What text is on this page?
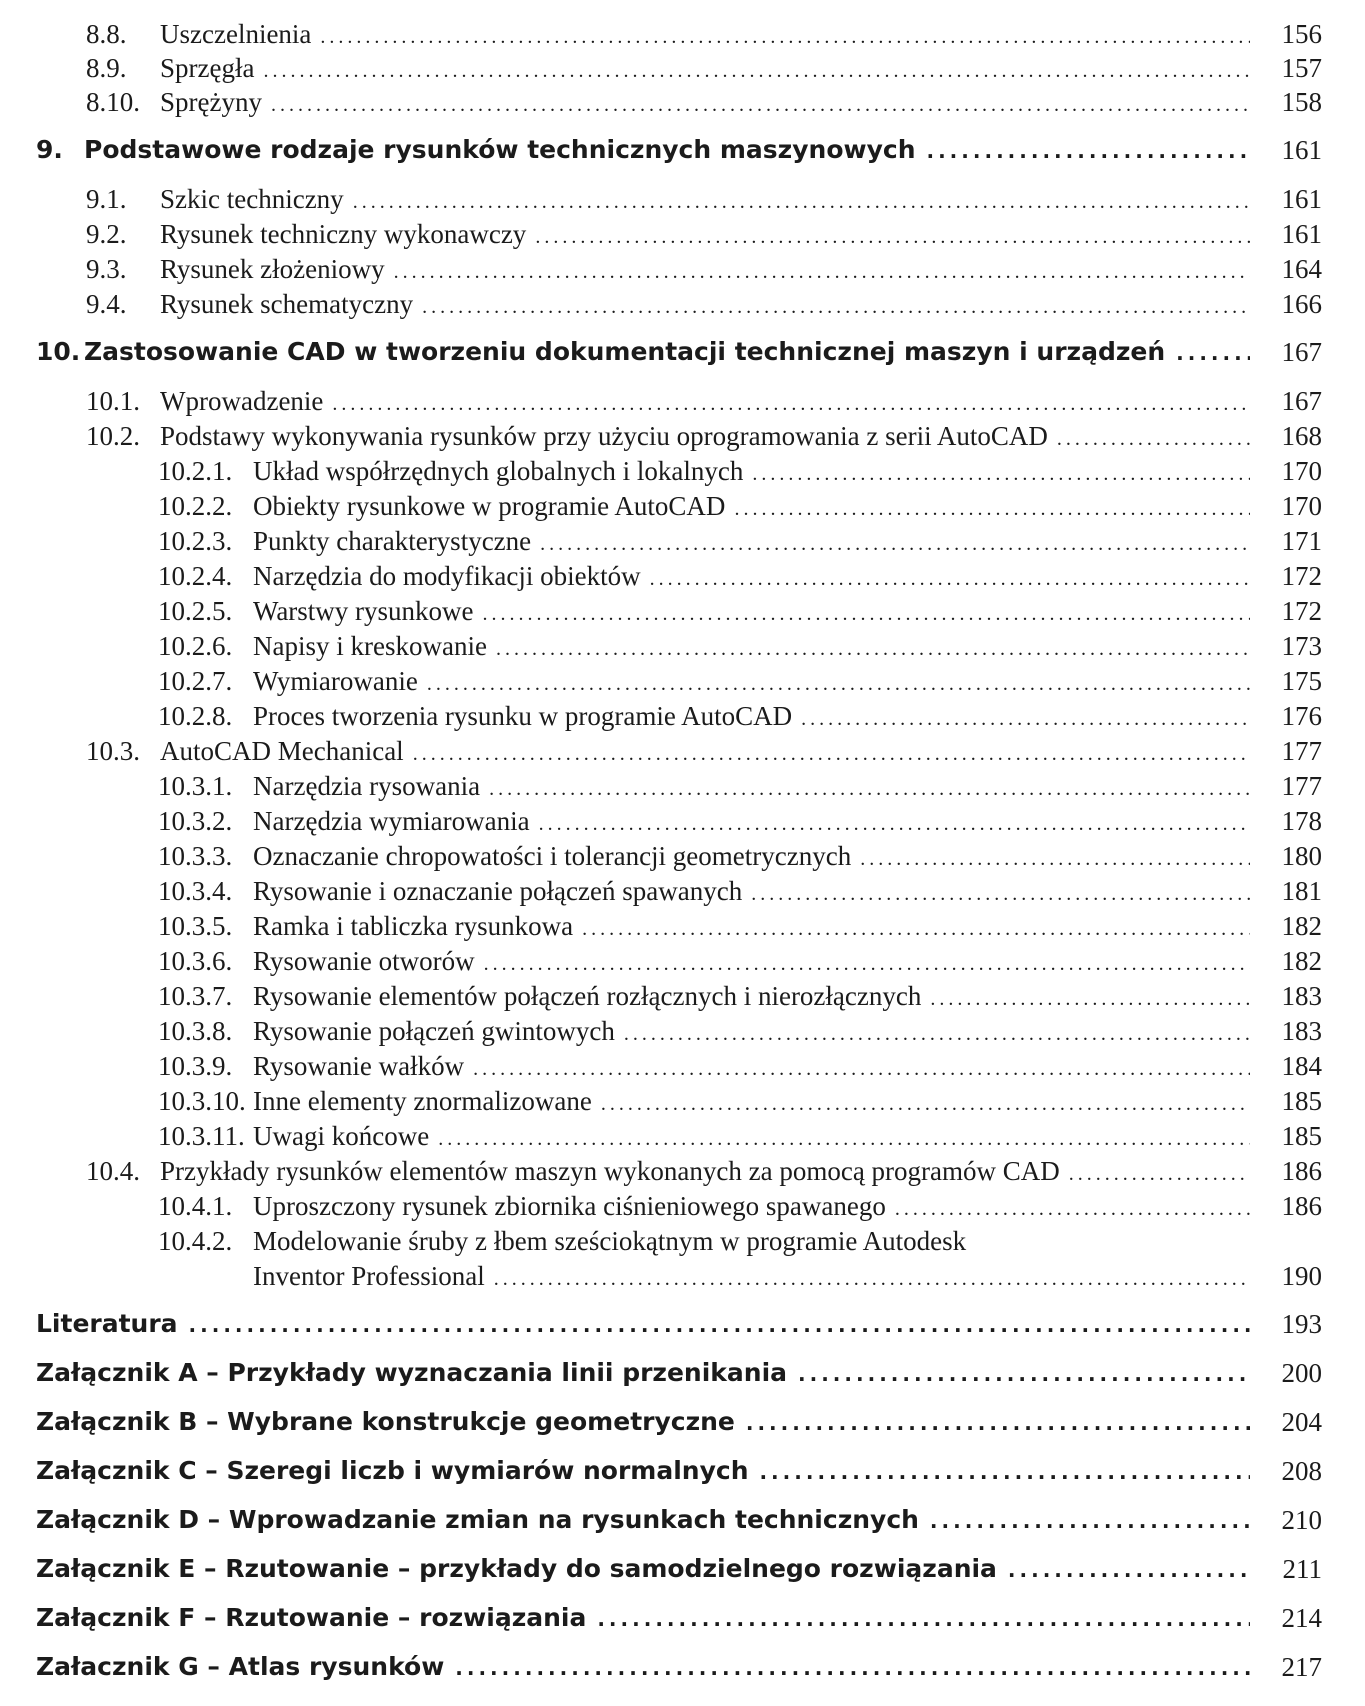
8.8. Uszczelnienia .....	156
8.9. Sprzęgła .....	157
8.10. Sprężyny .....	158
9. Podstawowe rodzaje rysunków technicznych maszynowych .....	161
9.1. Szkic techniczny .....	161
9.2. Rysunek techniczny wykonawczy .....	161
9.3. Rysunek złożeniowy .....	164
9.4. Rysunek schematyczny .....	166
10. Zastosowanie CAD w tworzeniu dokumentacji technicznej maszyn i urządzeń .....	167
10.1. Wprowadzenie .....	167
10.2. Podstawy wykonywania rysunków przy użyciu oprogramowania z serii AutoCAD .....	168
10.2.1. Układ współrzędnych globalnych i lokalnych .....	170
10.2.2. Obiekty rysunkowe w programie AutoCAD .....	170
10.2.3. Punkty charakterystyczne .....	171
10.2.4. Narzędzia do modyfikacji obiektów .....	172
10.2.5. Warstwy rysunkowe .....	172
10.2.6. Napisy i kreskowanie .....	173
10.2.7. Wymiarowanie .....	175
10.2.8. Proces tworzenia rysunku w programie AutoCAD .....	176
10.3. AutoCAD Mechanical .....	177
10.3.1. Narzędzia rysowania .....	177
10.3.2. Narzędzia wymiarowania .....	178
10.3.3. Oznaczanie chropowatości i tolerancji geometrycznych .....	180
10.3.4. Rysowanie i oznaczanie połączeń spawanych .....	181
10.3.5. Ramka i tabliczka rysunkowa .....	182
10.3.6. Rysowanie otworów .....	182
10.3.7. Rysowanie elementów połączeń rozłącznych i nierozłącznych .....	183
10.3.8. Rysowanie połączeń gwintowych .....	183
10.3.9. Rysowanie wałków .....	184
10.3.10. Inne elementy znormalizowane .....	185
10.3.11. Uwagi końcowe .....	185
10.4. Przykłady rysunków elementów maszyn wykonanych za pomocą programów CAD .....	186
10.4.1. Uproszczony rysunek zbiornika ciśnieniowego spawanego .....	186
10.4.2. Modelowanie śruby z łbem sześciokątnym w programie Autodesk
Inventor Professional .....	190
Literatura .....	193
Załącznik A – Przykłady wyznaczania linii przenikania .....	200
Załącznik B – Wybrane konstrukcje geometryczne .....	204
Załącznik C – Szeregi liczb i wymiarów normalnych .....	208
Załącznik D – Wprowadzanie zmian na rysunkach technicznych .....	210
Załącznik E – Rzutowanie – przykłady do samodzielnego rozwiązania .....	211
Załącznik F – Rzutowanie – rozwiązania .....	214
Załacznik G – Atlas rysunków .....	217
